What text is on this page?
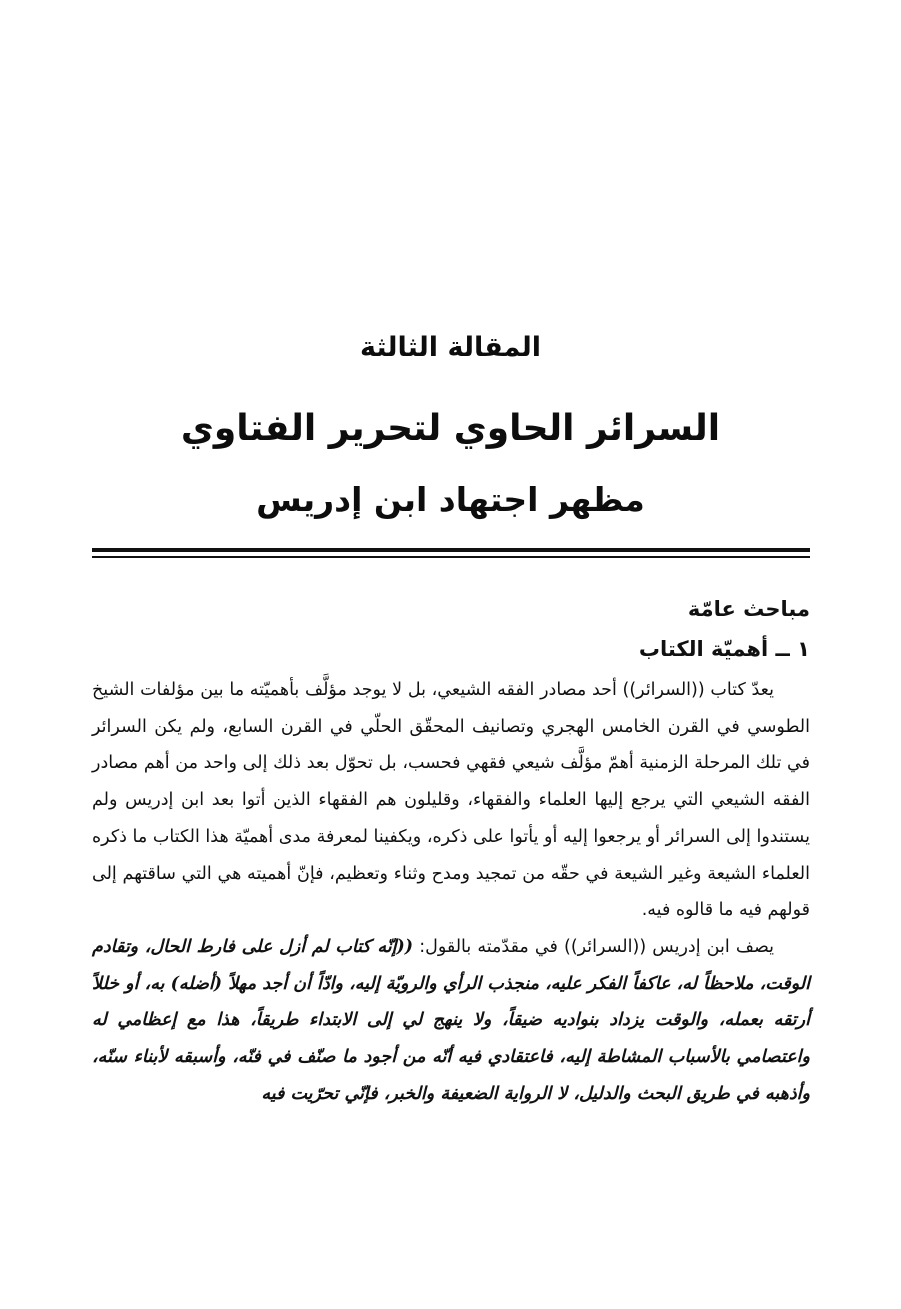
المقالة الثالثة
السرائر الحاوي لتحرير الفتاوي
مظهر اجتهاد ابن إدريس
مباحث عامّة
١ ــ أهميّة الكتاب

يعدّ كتاب ((السرائر)) أحد مصادر الفقه الشيعي، بل لا يوجد مؤلَّف بأهميّته ما بين مؤلفات الشيخ الطوسي في القرن الخامس الهجري وتصانيف المحقّق الحلّي في القرن السابع، ولم يكن السرائر في تلك المرحلة الزمنية أهمّ مؤلَّف شيعي فقهي فحسب، بل تحوّل بعد ذلك إلى واحد من أهم مصادر الفقه الشيعي التي يرجع إليها العلماء والفقهاء، وقليلون هم الفقهاء الذين أتوا بعد ابن إدريس ولم يستندوا إلى السرائر أو يرجعوا إليه أو يأتوا على ذكره، ويكفينا لمعرفة مدى أهميّة هذا الكتاب ما ذكره العلماء الشيعة وغير الشيعة في حقّه من تمجيد ومدح وثناء وتعظيم، فإنّ أهميته هي التي ساقتهم إلى قولهم فيه ما قالوه فيه.

يصف ابن إدريس ((السرائر)) في مقدّمته بالقول: ((إنّه كتاب لم أزل على فارط الحال، وتقادم الوقت، ملاحظاً له، عاكفاً الفكر عليه، منجذب الرأي والرويّة إليه، وادّاً أن أجد مهلاً (أضله) به، أو خللاً أرتقه بعمله، والوقت يزداد بنواديه ضيقاً، ولا ينهج لي إلى الابتداء طريقاً، هذا مع إعظامي له واعتصامي بالأسباب المشاطة إليه، فاعتقادي فيه أنّه من أجود ما صنّف في فنّه، وأسبقه لأبناء سنّه، وأذهبه في طريق البحث والدليل، لا الرواية الضعيفة والخبر، فإنّي تحرّيت فيه
